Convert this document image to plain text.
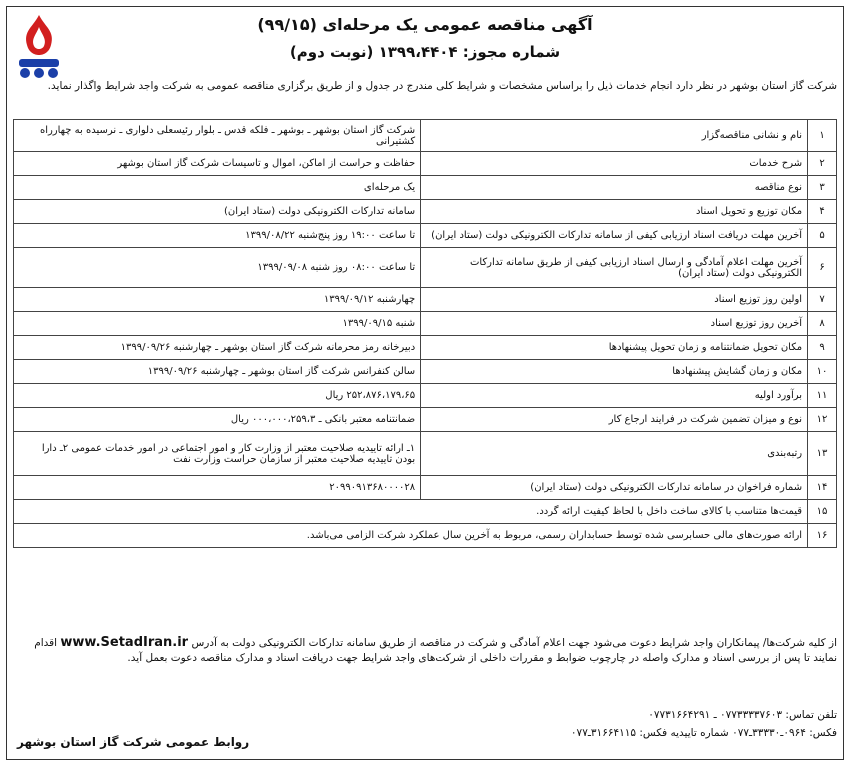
آگهی مناقصه عمومی یک مرحله‌ای (۹۹/۱۵)
شماره مجوز: ۱۳۹۹،۴۴۰۴ (نوبت دوم)
شرکت گاز استان بوشهر در نظر دارد انجام خدمات ذیل را براساس مشخصات و شرایط کلی مندرج در جدول و از طریق برگزاری مناقصه عمومی به شرکت واجد شرایط واگذار نماید.
۱	نام و نشانی مناقصه‌گزار	شرکت گاز استان بوشهر ـ بوشهر ـ فلکه قدس ـ بلوار رئیسعلی دلواری ـ نرسیده به چهارراه کشتیرانی
۲	شرح خدمات	حفاظت و حراست از اماکن، اموال و تاسیسات شرکت گاز استان بوشهر
۳	نوع مناقصه	یک مرحله‌ای
۴	مکان توزیع و تحویل اسناد	سامانه تدارکات الکترونیکی دولت (ستاد ایران)
۵	آخرین مهلت دریافت اسناد ارزیابی کیفی از سامانه تدارکات الکترونیکی دولت (ستاد ایران)	تا ساعت ۱۹:۰۰ روز پنج‌شنبه ۱۳۹۹/۰۸/۲۲
۶	آخرین مهلت اعلام آمادگی و ارسال اسناد ارزیابی کیفی از طریق سامانه تدارکات الکترونیکی دولت (ستاد ایران)	تا ساعت ۰۸:۰۰ روز شنبه ۱۳۹۹/۰۹/۰۸
۷	اولین روز توزیع اسناد	چهارشنبه ۱۳۹۹/۰۹/۱۲
۸	آخرین روز توزیع اسناد	شنبه ۱۳۹۹/۰۹/۱۵
۹	مکان تحویل ضمانتنامه و زمان تحویل پیشنهادها	دبیرخانه رمز محرمانه شرکت گاز استان بوشهر ـ چهارشنبه ۱۳۹۹/۰۹/۲۶
۱۰	مکان و زمان گشایش پیشنهادها	سالن کنفرانس شرکت گاز استان بوشهر ـ چهارشنبه ۱۳۹۹/۰۹/۲۶
۱۱	برآورد اولیه	۲۵۲،۸۷۶،۱۷۹،۶۵ ریال
۱۲	نوع و میزان تضمین شرکت در فرایند ارجاع کار	ضمانتنامه معتبر بانکی ـ ۰۰۰،۰۰۰،۲۵۹،۳ ریال
۱۳	رتبه‌بندی	۱ـ ارائه تاییدیه صلاحیت معتبر از وزارت کار و امور اجتماعی در امور خدمات عمومی ۲ـ دارا بودن تاییدیه صلاحیت معتبر از سازمان حراست وزارت نفت
۱۴	شماره فراخوان در سامانه تدارکات الکترونیکی دولت (ستاد ایران)	۲۰۹۹۰۹۱۳۶۸۰۰۰۰۲۸
۱۵	قیمت‌ها متناسب با کالای ساخت داخل با لحاظ کیفیت ارائه گردد.	
۱۶	ارائه صورت‌های مالی حسابرسی شده توسط حسابداران رسمی، مربوط به آخرین سال عملکرد شرکت الزامی می‌باشد.	
از کلیه شرکت‌ها/ پیمانکاران واجد شرایط دعوت می‌شود جهت اعلام آمادگی و شرکت در مناقصه از طریق سامانه تدارکات الکترونیکی دولت به آدرس www.SetadIran.ir اقدام نمایند تا پس از بررسی اسناد و مدارک واصله در چارچوب ضوابط و مقررات داخلی از شرکت‌های واجد شرایط جهت دریافت اسناد و مدارک مناقصه دعوت بعمل آید.
تلفن تماس: ۰۷۷۳۳۳۳۷۶۰۳ ـ ۰۷۷۳۱۶۶۴۲۹۱
فکس: ۰۹۶۴ـ۳۳۳۳۰ـ۰۷۷ شماره تاییدیه فکس: ۳۱۶۶۴۱۱۵ـ۰۷۷
روابط عمومی شرکت گاز استان بوشهر
